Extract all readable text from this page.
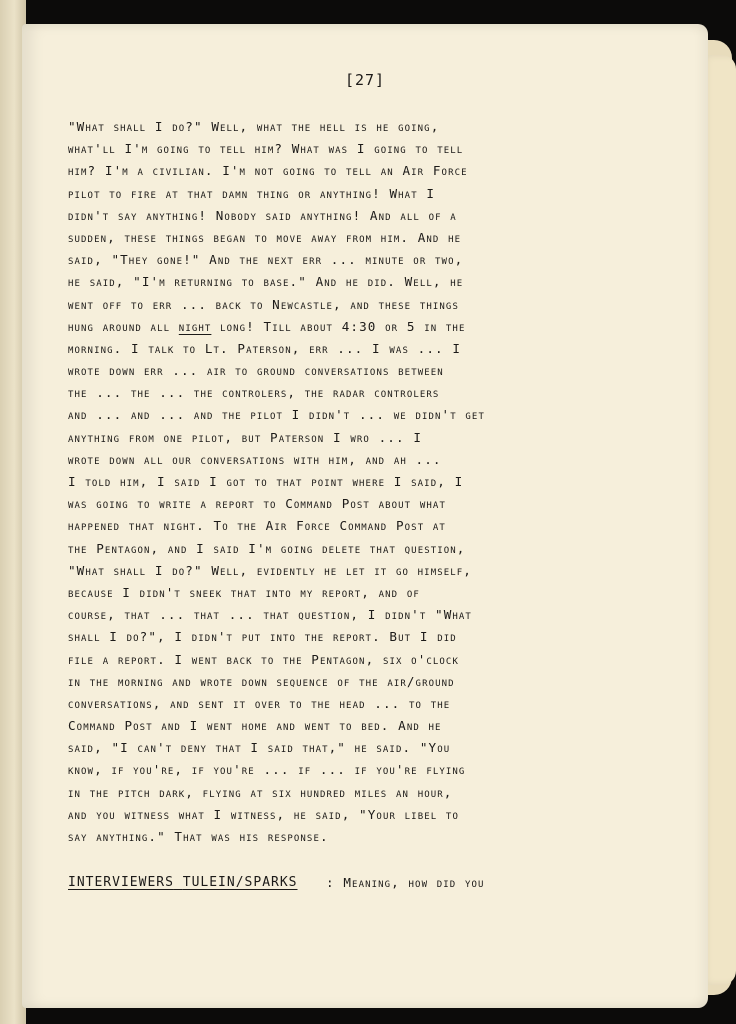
[27]
"What shall I do?" Well, what the hell is he going,
what'll I'm going to tell him? What was I going to tell
him? I'm a civilian. I'm not going to tell an Air Force
pilot to fire at that damn thing or anything! What I
didn't say anything! Nobody said anything! And all of a
sudden, these things began to move away from him. And he
said, "They gone!" And the next err ... minute or two,
he said, "I'm returning to base." And he did. Well, he
went off to err ... back to Newcastle, and these things
hung around all night long! Till about 4:30 or 5 in the
morning. I talk to Lt. Paterson, err ... I was ... I
wrote down err ... air to ground conversations between
the ... the ... the controlers, the radar controlers
and ... and ... and the pilot I didn't ... we didn't get
anything from one pilot, but Paterson I wro ... I
wrote down all our conversations with him, and ah ...
I told him, I said I got to that point where I said, I
was going to write a report to Command Post about what
happened that night. To the Air Force Command Post at
the Pentagon, and I said I'm going delete that question,
"What shall I do?" Well, evidently he let it go himself,
because I didn't sneek that into my report, and of
course, that ... that ... that question, I didn't "What
shall I do?", I didn't put into the report. But I did
file a report. I went back to the Pentagon, six o'clock
in the morning and wrote down sequence of the air/ground
conversations, and sent it over to the head ... to the
Command Post and I went home and went to bed. And he
said, "I can't deny that I said that," he said. "You
know, if you're, if you're ... if ... if you're flying
in the pitch dark, flying at six hundred miles an hour,
and you witness what I witness, he said, "Your libel to
say anything." That was his response.
INTERVIEWERS TULEIN/SPARKS : Meaning, how did you
